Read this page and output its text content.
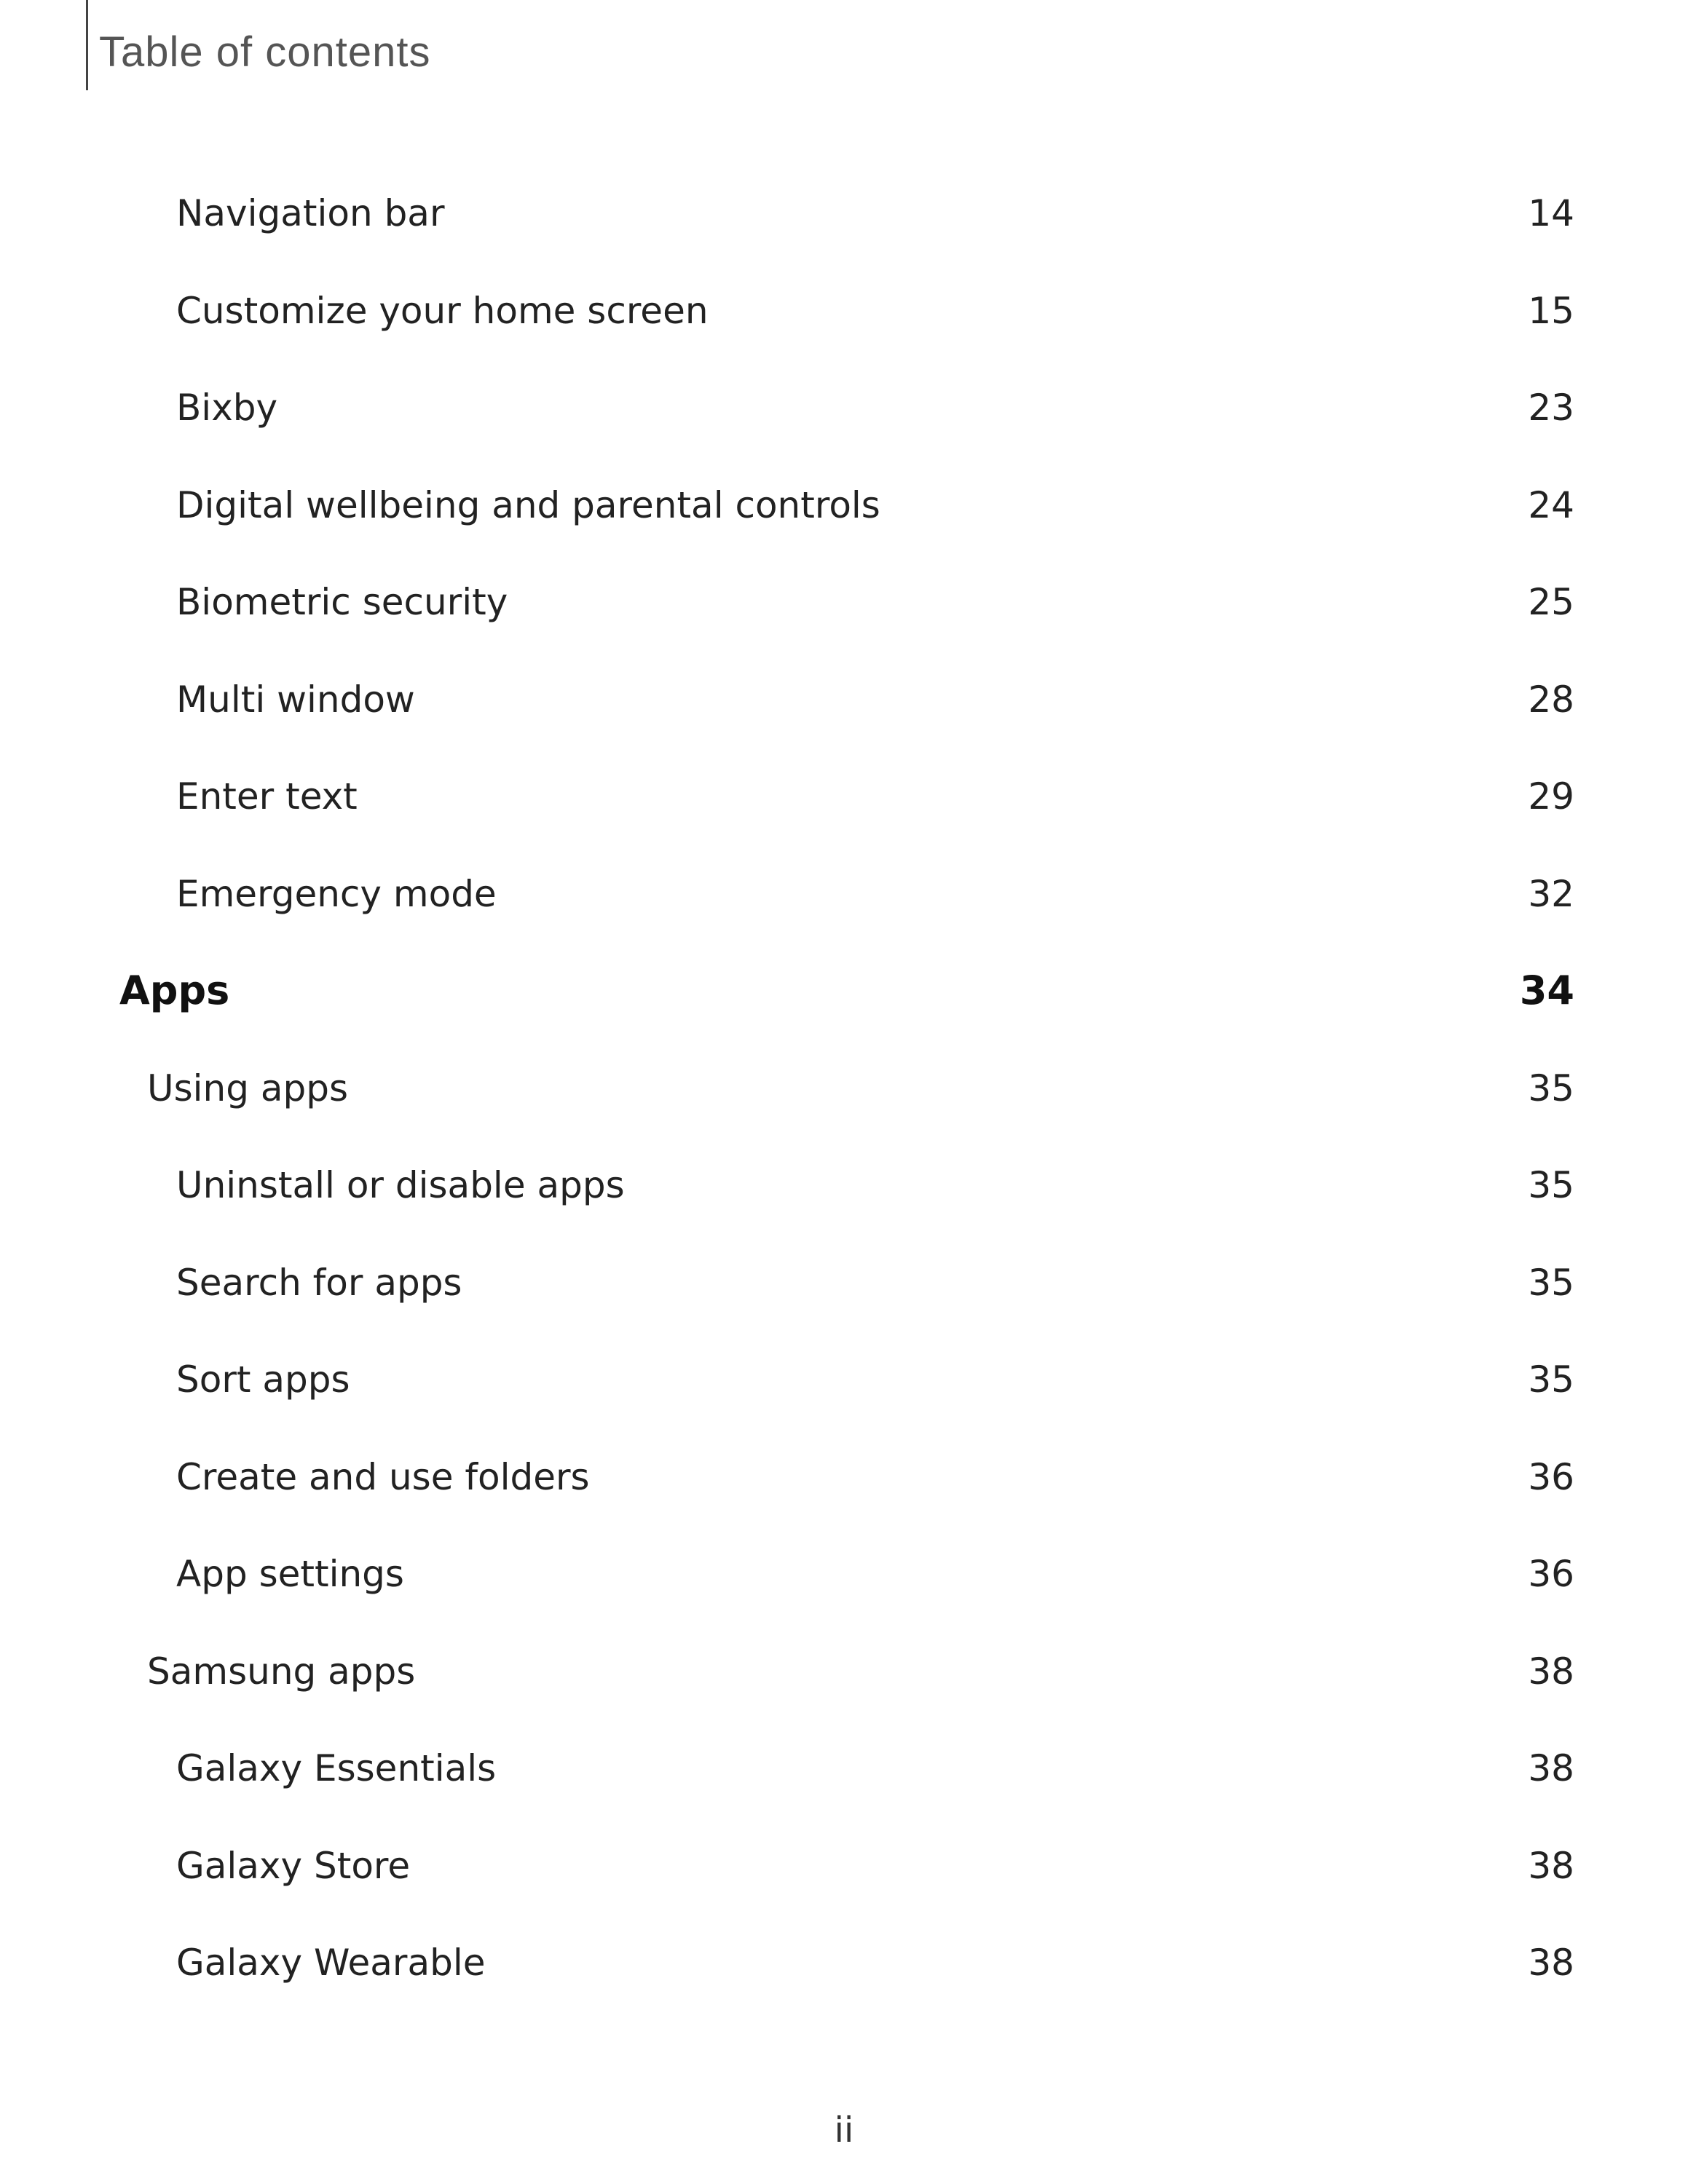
Table of contents
Navigation bar	14
Customize your home screen	15
Bixby	23
Digital wellbeing and parental controls	24
Biometric security	25
Multi window	28
Enter text	29
Emergency mode	32
Apps	34
Using apps	35
Uninstall or disable apps	35
Search for apps	35
Sort apps	35
Create and use folders	36
App settings	36
Samsung apps	38
Galaxy Essentials	38
Galaxy Store	38
Galaxy Wearable	38
ii
